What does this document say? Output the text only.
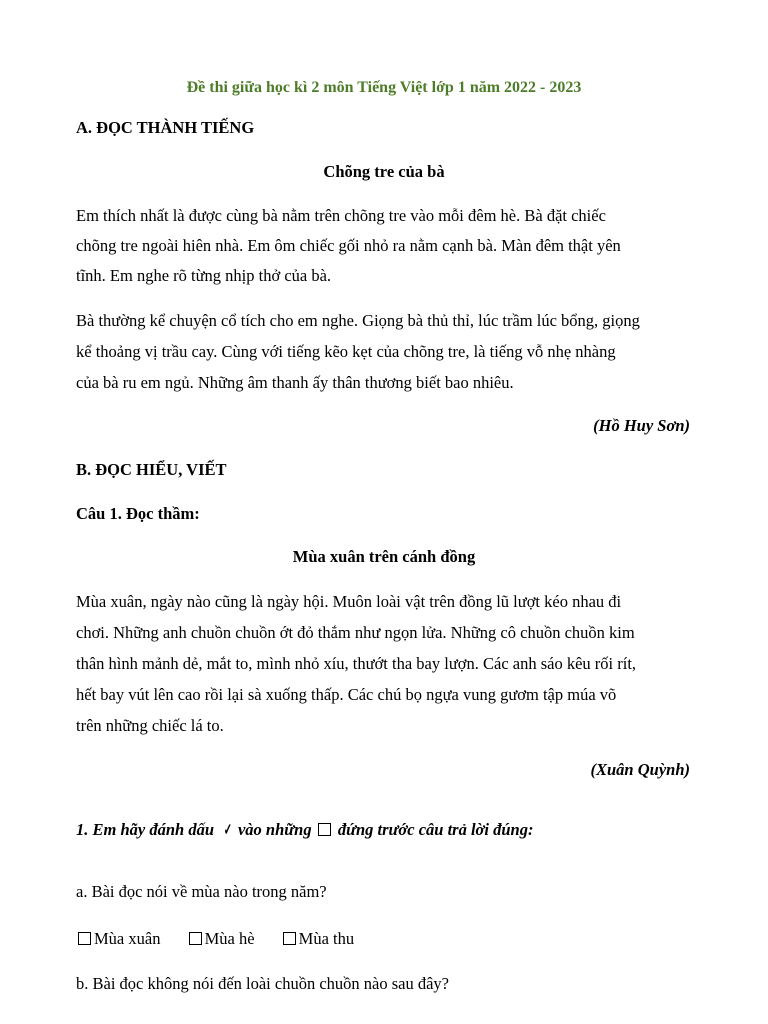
Đề thi giữa học kì 2 môn Tiếng Việt lớp 1 năm 2022 - 2023

A. ĐỌC THÀNH TIẾNG

Chõng tre của bà

Em thích nhất là được cùng bà nằm trên chõng tre vào mỗi đêm hè. Bà đặt chiếc

chõng tre ngoài hiên nhà. Em ôm chiếc gối nhỏ ra nằm cạnh bà. Màn đêm thật yên

tĩnh. Em nghe rõ từng nhịp thở của bà.

Bà thường kể chuyện cổ tích cho em nghe. Giọng bà thủ thỉ, lúc trầm lúc bổng, giọng

kể thoảng vị trầu cay. Cùng với tiếng kẽo kẹt của chõng tre, là tiếng vỗ nhẹ nhàng

của bà ru em ngủ. Những âm thanh ấy thân thương biết bao nhiêu.

(Hồ Huy Sơn)

B. ĐỌC HIỂU, VIẾT

Câu 1. Đọc thầm:

Mùa xuân trên cánh đồng

Mùa xuân, ngày nào cũng là ngày hội. Muôn loài vật trên đồng lũ lượt kéo nhau đi

chơi. Những anh chuồn chuồn ớt đỏ thắm như ngọn lửa. Những cô chuồn chuồn kim

thân hình mảnh dẻ, mắt to, mình nhỏ xíu, thướt tha bay lượn. Các anh sáo kêu rối rít,

hết bay vút lên cao rồi lại sà xuống thấp. Các chú bọ ngựa vung gươm tập múa võ

trên những chiếc lá to.

(Xuân Quỳnh)

1. Em hãy đánh dấu ✓ vào những đứng trước câu trả lời đúng:

a. Bài đọc nói về mùa nào trong năm?

Mùa xuân	Mùa hè	Mùa thu

b. Bài đọc không nói đến loài chuồn chuồn nào sau đây?
